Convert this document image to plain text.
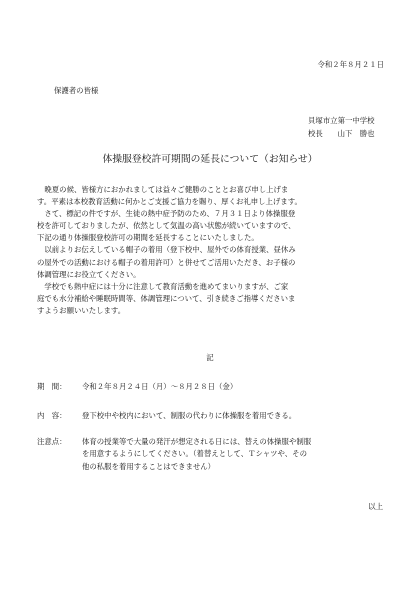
令和２年８月２１日
保護者の皆様
貝塚市立第一中学校
校長　　山下　勝也
体操服登校許可期間の延長について（お知らせ）

　晩夏の候、皆様方におかれましては益々ご健勝のこととお喜び申し上げま

す。平素は本校教育活動に何かとご支援ご協力を賜り、厚くお礼申し上げます。

　さて、標記の件ですが、生徒の熱中症予防のため、７月３１日より体操服登

校を許可しておりましたが、依然として気温の高い状態が続いていますので、

下記の通り体操服登校許可の期間を延長することにいたしました。

　以前よりお伝えしている帽子の着用（登下校中、屋外での体育授業、昼休み

の屋外での活動における帽子の着用許可）と併せてご活用いただき、お子様の

体調管理にお役立てください。

　学校でも熱中症には十分に注意して教育活動を進めてまいりますが、ご家

庭でも水分補給や睡眠時間等、体調管理について、引き続きご指導くださいま

すようお願いいたします。

記
期　間： 令和２年８月２４日（月）～８月２８日（金）
内　容： 登下校中や校内において、制服の代わりに体操服を着用できる。
注意点： 体育の授業等で大量の発汗が想定される日には、替えの体操服や制服
を用意するようにしてください。（着替えとして、Ｔシャツや、その
他の私服を着用することはできません）
以上
